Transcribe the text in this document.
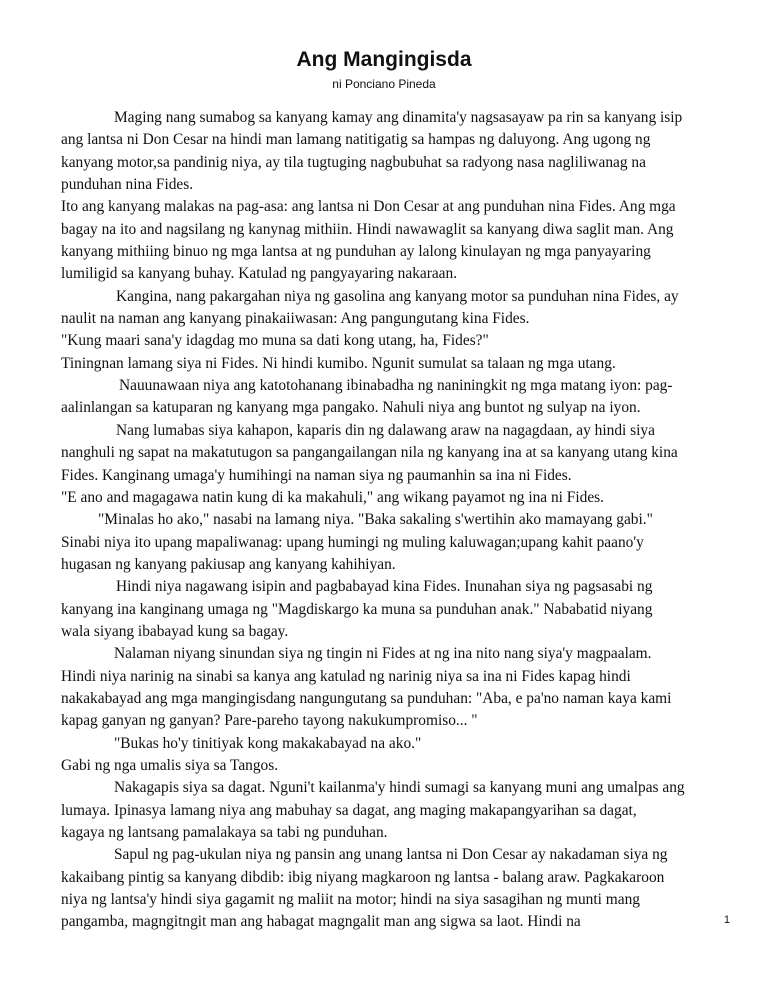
Ang Mangingisda
ni Ponciano Pineda
Maging nang sumabog sa kanyang kamay ang dinamita'y nagsasayaw pa rin sa kanyang isip
ang lantsa ni Don Cesar na hindi man lamang natitigatig sa hampas ng daluyong. Ang ugong ng
kanyang motor,sa pandinig niya, ay tila tugtuging nagbubuhat sa radyong nasa nagliliwanag na
punduhan nina Fides.
Ito ang kanyang malakas na pag-asa: ang lantsa ni Don Cesar at ang punduhan nina Fides. Ang mga
bagay na ito and nagsilang ng kanynag mithiin. Hindi nawawaglit sa kanyang diwa saglit man. Ang
kanyang mithiing binuo ng mga lantsa at ng punduhan ay lalong kinulayan ng mga panyayaring
lumiligid sa kanyang buhay. Katulad ng pangyayaring nakaraan.
Kangina, nang pakargahan niya ng gasolina ang kanyang motor sa punduhan nina Fides, ay
naulit na naman ang kanyang pinakaiiwasan: Ang pangungutang kina Fides.
"Kung maari sana'y idagdag mo muna sa dati kong utang, ha, Fides?"
Tiningnan lamang siya ni Fides. Ni hindi kumibo. Ngunit sumulat sa talaan ng mga utang.
Nauunawaan niya ang katotohanang ibinabadha ng naniningkit ng mga matang iyon: pag-
aalinlangan sa katuparan ng kanyang mga pangako. Nahuli niya ang buntot ng sulyap na iyon.
Nang lumabas siya kahapon, kaparis din ng dalawang araw na nagagdaan, ay hindi siya
nanghuli ng sapat na makatutugon sa pangangailangan nila ng kanyang ina at sa kanyang utang kina
Fides. Kanginang umaga'y humihingi na naman siya ng paumanhin sa ina ni Fides.
"E ano and magagawa natin kung di ka makahuli," ang wikang payamot ng ina ni Fides.
"Minalas ho ako," nasabi na lamang niya. "Baka sakaling s'wertihin ako mamayang gabi."
Sinabi niya ito upang mapaliwanag: upang humingi ng muling kaluwagan;upang kahit paano'y
hugasan ng kanyang pakiusap ang kanyang kahihiyan.
Hindi niya nagawang isipin and pagbabayad kina Fides. Inunahan siya ng pagsasabi ng
kanyang ina kanginang umaga ng "Magdiskargo ka muna sa punduhan anak." Nababatid niyang
wala siyang ibabayad kung sa bagay.
Nalaman niyang sinundan siya ng tingin ni Fides at ng ina nito nang siya'y magpaalam.
Hindi niya narinig na sinabi sa kanya ang katulad ng narinig niya sa ina ni Fides kapag hindi
nakakabayad ang mga mangingisdang nangungutang sa punduhan: "Aba, e pa'no naman kaya kami
kapag ganyan ng ganyan? Pare-pareho tayong nakukumpromiso... "
"Bukas ho'y tinitiyak kong makakabayad na ako."
Gabi ng nga umalis siya sa Tangos.
Nakagapis siya sa dagat. Nguni't kailanma'y hindi sumagi sa kanyang muni ang umalpas ang
lumaya. Ipinasya lamang niya ang mabuhay sa dagat, ang maging makapangyarihan sa dagat,
kagaya ng lantsang pamalakaya sa tabi ng punduhan.
Sapul ng pag-ukulan niya ng pansin ang unang lantsa ni Don Cesar ay nakadaman siya ng
kakaibang pintig sa kanyang dibdib: ibig niyang magkaroon ng lantsa - balang araw. Pagkakaroon
niya ng lantsa'y hindi siya gagamit ng maliit na motor; hindi na siya sasagihan ng munti mang
pangamba, magngitngit man ang habagat magngalit man ang sigwa sa laot. Hindi na	1
